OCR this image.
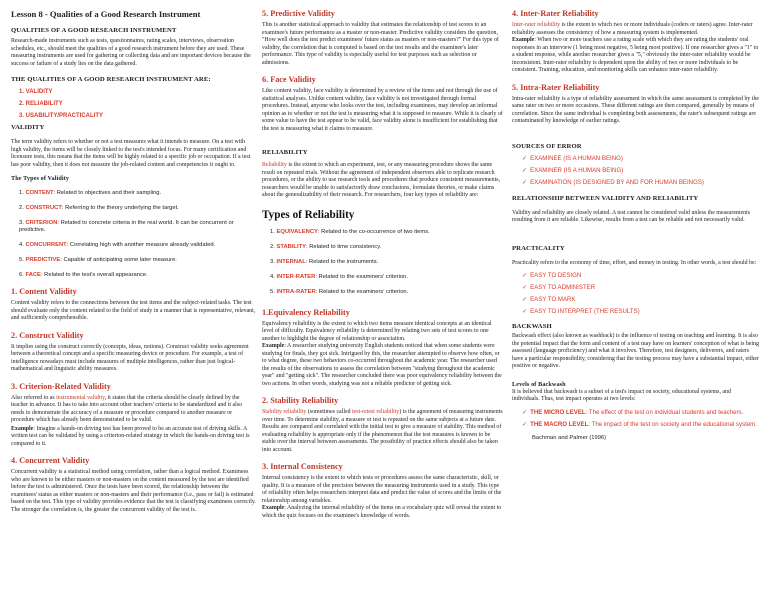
Lesson 8 - Qualities of a Good Research Instrument
QUALITIES OF A GOOD RESEARCH INSTRUMENT

Research-made instruments such as tests, questionnaires, rating scales, interviews, observation schedules, etc., should meet the qualities of a good research instrument before they are used. These measuring instruments are used for gathering or collecting data and are important devices because the success or failure of a study lies on the data gathered.

THE QUALITIES OF A GOOD RESEARCH INSTRUMENT ARE:
1. VALIDITY
2. RELIABILITY
3. USABILITY/PRACTICALITY
VALIDITY

The term validity refers to whether or not a test measures what it intends to measure. On a test with high validity, the items will be closely linked to the test's intended focus. For many certification and licensure tests, this means that the items will be highly related to a specific job or occupation. If a test has poor validity, then it does not measure the job-related content and competencies it ought to.

The Types of Validity
1. CONTENT: Related to objectives and their sampling.
2. CONSTRUCT: Referring to the theory underlying the target.
3. CRITERION: Related to concrete criteria in the real world. It can be concurrent or predictive.
4. CONCURRENT: Correlating high with another measure already validated.
5. PREDICTIVE: Capable of anticipating some later measure.
6. FACE: Related to the test's overall appearance.
1. Content Validity

Content validity refers to the connections between the test items and the subject-related tasks. The test should evaluate only the content related to the field of study in a manner that is representative, relevant, and sufficiently comprehensible.

2. Construct Validity

It implies using the construct correctly (concepts, ideas, notions). Construct validity seeks agreement between a theoretical concept and a specific measuring device or procedure. For example, a test of intelligence nowadays must include measures of multiple intelligences, rather than just logical-mathematical and linguistic ability measures.

3. Criterion-Related Validity

Also referred to as instrumental validity, it states that the criteria should be clearly defined by the teacher in advance. It has to take into account other teachers' criteria to be standardized and it also needs to demonstrate the accuracy of a measure or procedure compared to another measure or procedure which has already been demonstrated to be valid.

Example: Imagine a hands-on driving test has been proved to be an accurate test of driving skills. A written test can be validated by using a criterion-related strategy in which the hands-on driving test is compared to it.

4. Concurrent Validity

Concurrent validity is a statistical method using correlation, rather than a logical method. Examinees who are known to be either masters or non-masters on the content measured by the test are identified before the test is administered. Once the tests have been scored, the relationship between the examinees' status as either masters or non-masters and their performance (i.e., pass or fail) is estimated based on the test. This type of validity provides evidence that the test is classifying examinees correctly. The stronger the correlation is, the greater the concurrent validity of the test is.

5. Predictive Validity

This is another statistical approach to validity that estimates the relationship of test scores to an examinee's future performance as a master or non-master. Predictive validity considers the question, "How well does the test predict examinees' future status as masters or non-masters?" For this type of validity, the correlation that is computed is based on the test results and the examinee's later performance. This type of validity is especially useful for test purposes such as selection or admissions.

6. Face Validity

Like content validity, face validity is determined by a review of the items and not through the use of statistical analyses. Unlike content validity, face validity is not investigated through formal procedures. Instead, anyone who looks over the test, including examinees, may develop an informal opinion as to whether or not the test is measuring what it is supposed to measure. While it is clearly of some value to have the test appear to be valid, face validity alone is insufficient for establishing that the test is measuring what it claims to measure.

RELIABILITY

Reliability is the extent to which an experiment, test, or any measuring procedure shows the same result on repeated trials. Without the agreement of independent observers able to replicate research procedures, or the ability to use research tools and procedures that produce consistent measurements, researchers would be unable to satisfactorily draw conclusions, formulate theories, or make claims about the generalizability of their research. For researchers, four key types of reliability are:

Types of Reliability
1. EQUIVALENCY: Related to the co-occurrence of two items.
2. STABILITY: Related to time consistency.
3. INTERNAL: Related to the instruments.
4. INTER-RATER: Related to the examiners' criterion.
5. INTRA-RATER: Related to the examiners' criterion.
1.Equivalency Reliability

Equivalency reliability is the extent to which two items measure identical concepts at an identical level of difficulty. Equivalency reliability is determined by relating two sets of test scores to one another to highlight the degree of relationship or association.

Example: A researcher studying university English students noticed that when some students were studying for finals, they got sick. Intrigued by this, the researcher attempted to observe how often, or to what degree, these two behaviors co-occurred throughout the academic year. The researcher used the results of the observations to assess the correlation between "studying throughout the academic year" and "getting sick". The researcher concluded there was poor equivalency reliability between the two actions. In other words, studying was not a reliable predictor of getting sick.

2. Stability Reliability

Stability reliability (sometimes called test-retest reliability) is the agreement of measuring instruments over time. To determine stability, a measure or test is repeated on the same subjects at a future date. Results are compared and correlated with the initial test to give a measure of stability. This method of evaluating reliability is appropriate only if the phenomenon that the test measures is known to be stable over the interval between assessments. The possibility of practice effects should also be taken into account.

3. Internal Consistency

Internal consistency is the extent to which tests or procedures assess the same characteristic, skill, or quality. It is a measure of the precision between the measuring instruments used in a study. This type of reliability often helps researchers interpret data and predict the value of scores and the limits of the relationship among variables.

Example: Analyzing the internal reliability of the items on a vocabulary quiz will reveal the extent to which the quiz focuses on the examinee's knowledge of words.

4. Inter-Rater Reliability

Inter-rater reliability is the extent to which two or more individuals (coders or raters) agree. Inter-rater reliability assesses the consistency of how a measuring system is implemented.

Example: When two or more teachers use a rating scale with which they are rating the students' oral responses in an interview (1 being most negative, 5 being most positive). If one researcher gives a "1" to a student response, while another researcher gives a "5," obviously the inter-rater reliability would be inconsistent. Inter-rater reliability is dependent upon the ability of two or more individuals to be consistent. Training, education, and monitoring skills can enhance inter-rater reliability.

5. Intra-Rater Reliability

Intra-rater reliability is a type of reliability assessment in which the same assessment is completed by the same rater on two or more occasions. These different ratings are then compared, generally by means of correlation. Since the same individual is completing both assessments, the rater's subsequent ratings are contaminated by knowledge of earlier ratings.

SOURCES OF ERROR
✓ EXAMINEE (IS A HUMAN BEING)
✓ EXAMINER (IS A HUMAN BEING)
✓ EXAMINATION (IS DESIGNED BY AND FOR HUMAN BEINGS)
RELATIONSHIP BETWEEN VALIDITY AND RELIABILITY

Validity and reliability are closely related. A test cannot be considered valid unless the measurements resulting from it are reliable. Likewise, results from a test can be reliable and not necessarily valid.

PRACTICALITY

Practicality refers to the economy of time, effort, and money in testing. In other words, a test should be:

✓ EASY TO DESIGN
✓ EASY TO ADMINISTER
✓ EASY TO MARK
✓ EASY TO INTERPRET (THE RESULTS)
BACKWASH

Backwash effect (also known as washback) is the influence of testing on teaching and learning. It is also the potential impact that the form and content of a test may have on learners' conception of what is being assessed (language proficiency) and what it involves. Therefore, test designers, deliverers, and raters have a particular responsibility, considering that the testing process may have a substantial impact, either positive or negative.

Levels of Backwash

It is believed that backwash is a subset of a test's impact on society, educational systems, and individuals. Thus, test impact operates at two levels:

✓ THE MICRO LEVEL: The effect of the test on individual students and teachers.
✓ THE MACRO LEVEL: The impact of the test on society and the educational system.
Bachman and Palmer (1996)
